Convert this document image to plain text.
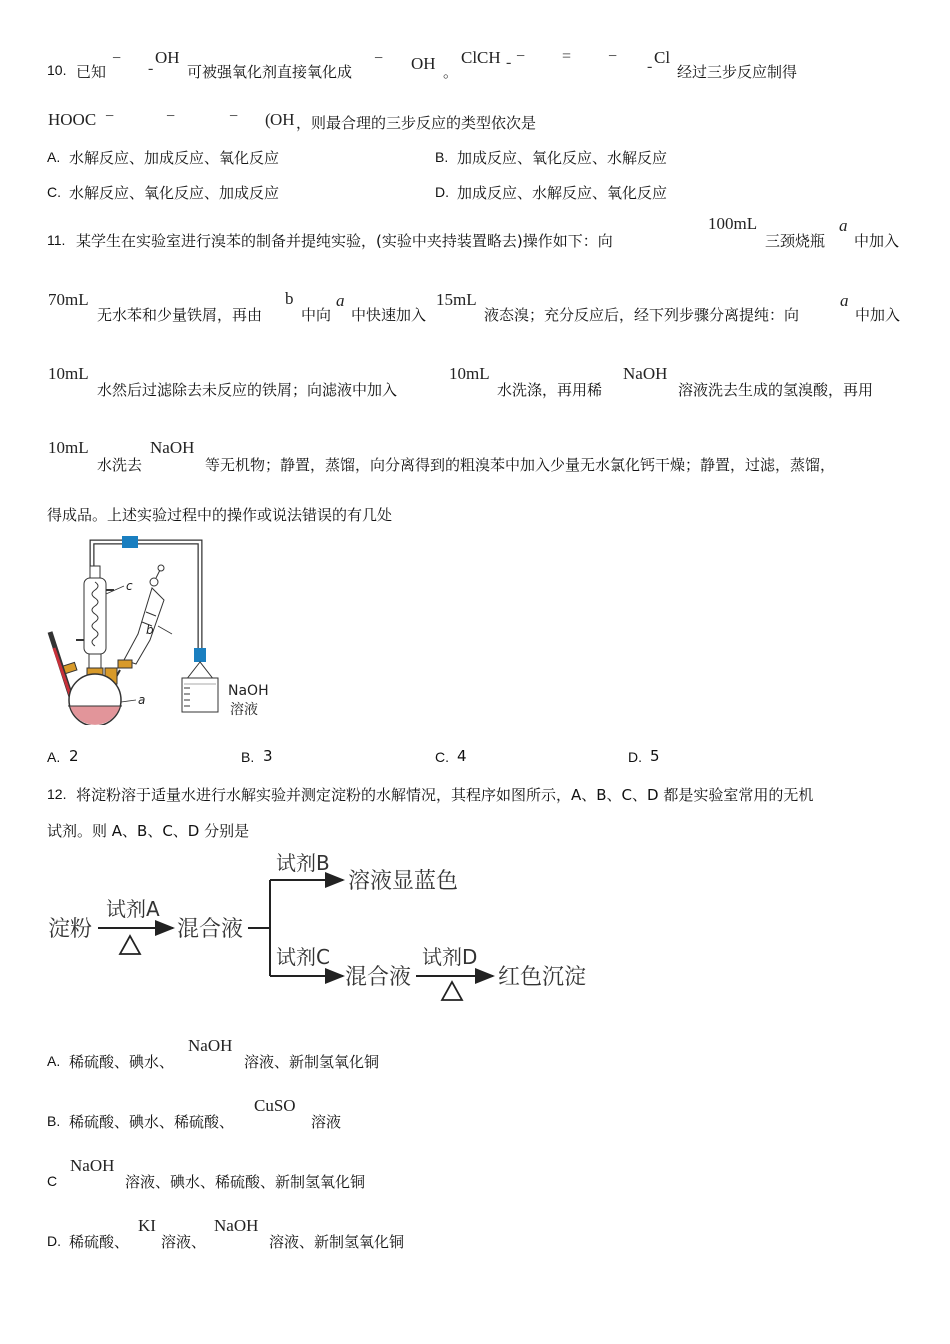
10. 已知
−
-
OH
可被强氧化剂直接氧化成
− OH 。
ClCH - − = −
- Cl
经过三步反应制得
HOOC −	−	− ( OH ，则最合理的三步反应的类型依次是
A. 水解反应、加成反应、氧化反应	B. 加成反应、氧化反应、水解反应
C. 水解反应、氧化反应、加成反应	D. 加成反应、水解反应、氧化反应
11. 某学生在实验室进行溴苯的制备并提纯实验，(实验中夹持装置略去)操作如下：向
100mL
三颈烧瓶
a
中加入
70mL
无水苯和少量铁屑，再由
b
中向
a
中快速加入
15mL
液态溴；充分反应后，经下列步骤分离提纯：向
a
中加入
10mL
水然后过滤除去未反应的铁屑；向滤液中加入
10mL
水洗涤，再用稀
NaOH
溶液洗去生成的氢溴酸，再用
10mL
水洗去
NaOH
等无机物；静置，蒸馏，向分离得到的粗溴苯中加入少量无水氯化钙干燥；静置，过滤，蒸馏，
得成品。上述实验过程中的操作或说法错误的有几处
c
b
a
NaOH
溶液
A. 2	B. 3	C. 4	D. 5
12. 将淀粉溶于适量水进行水解实验并测定淀粉的水解情况，其程序如图所示，A、B、C、D 都是实验室常用的无机
试剂。则 A、B、C、D 分别是
淀粉
试剂A
混合液
试剂B
溶液显蓝色
试剂C
混合液
试剂D
红色沉淀
A. 稀硫酸、碘水、
NaOH
溶液、新制氢氧化铜
B. 稀硫酸、碘水、稀硫酸、
CuSO
溶液
C
NaOH
溶液、碘水、稀硫酸、新制氢氧化铜
D. 稀硫酸、
KI
溶液、
NaOH
溶液、新制氢氧化铜
